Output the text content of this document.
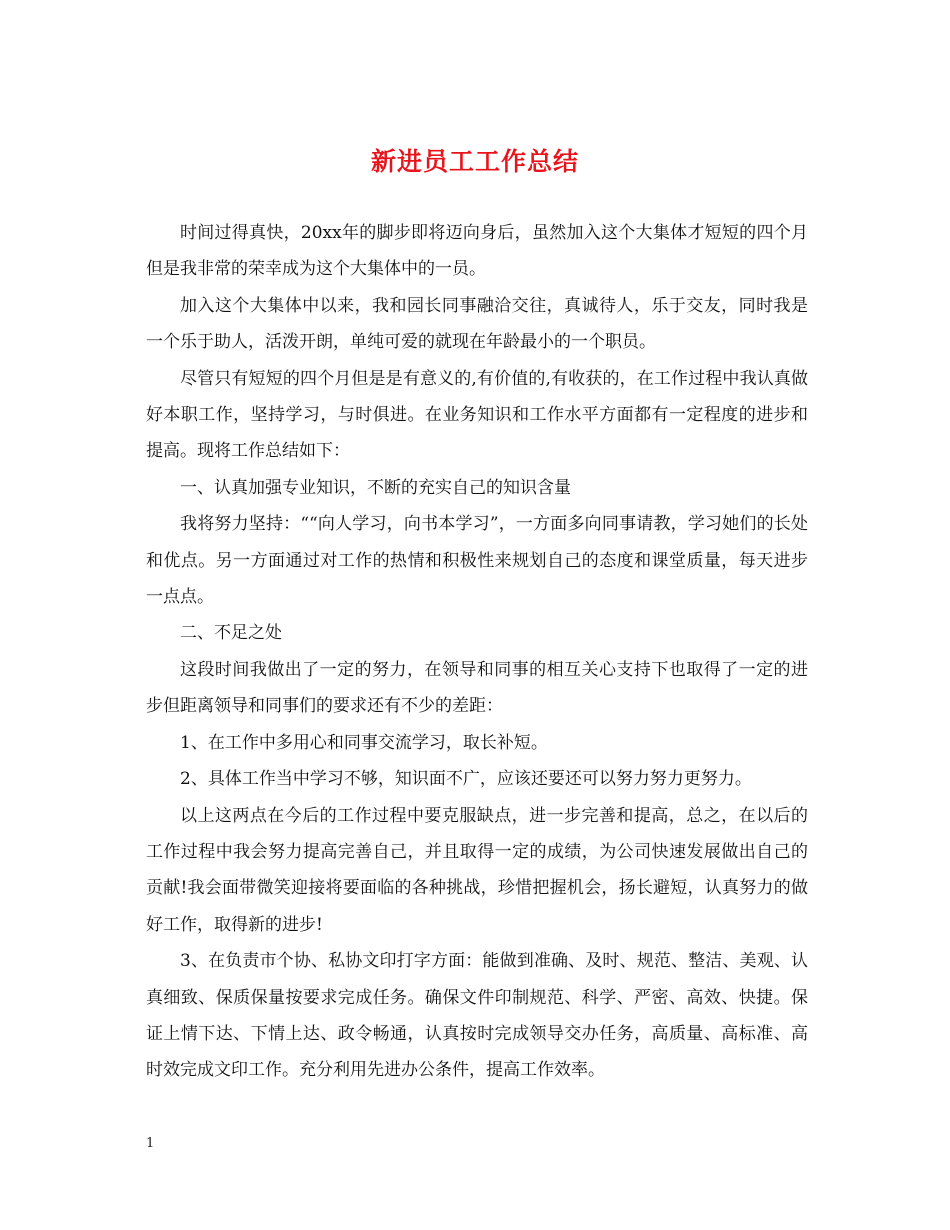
新进员工工作总结

时间过得真快，20xx年的脚步即将迈向身后，虽然加入这个大集体才短短的四个月但是我非常的荣幸成为这个大集体中的一员。

加入这个大集体中以来，我和园长同事融洽交往，真诚待人，乐于交友，同时我是一个乐于助人，活泼开朗，单纯可爱的就现在年龄最小的一个职员。

尽管只有短短的四个月但是是有意义的,有价值的,有收获的，在工作过程中我认真做好本职工作，坚持学习，与时俱进。在业务知识和工作水平方面都有一定程度的进步和提高。现将工作总结如下：

一、认真加强专业知识，不断的充实自己的知识含量

我将努力坚持：““向人学习，向书本学习”，一方面多向同事请教，学习她们的长处和优点。另一方面通过对工作的热情和积极性来规划自己的态度和课堂质量，每天进步一点点。

二、不足之处

这段时间我做出了一定的努力，在领导和同事的相互关心支持下也取得了一定的进步但距离领导和同事们的要求还有不少的差距：

1、在工作中多用心和同事交流学习，取长补短。

2、具体工作当中学习不够，知识面不广，应该还要还可以努力努力更努力。

以上这两点在今后的工作过程中要克服缺点，进一步完善和提高，总之，在以后的工作过程中我会努力提高完善自己，并且取得一定的成绩，为公司快速发展做出自己的贡献!我会面带微笑迎接将要面临的各种挑战，珍惜把握机会，扬长避短，认真努力的做好工作，取得新的进步!

3、在负责市个协、私协文印打字方面：能做到准确、及时、规范、整洁、美观、认真细致、保质保量按要求完成任务。确保文件印制规范、科学、严密、高效、快捷。保证上情下达、下情上达、政令畅通，认真按时完成领导交办任务，高质量、高标准、高时效完成文印工作。充分利用先进办公条件，提高工作效率。

1
